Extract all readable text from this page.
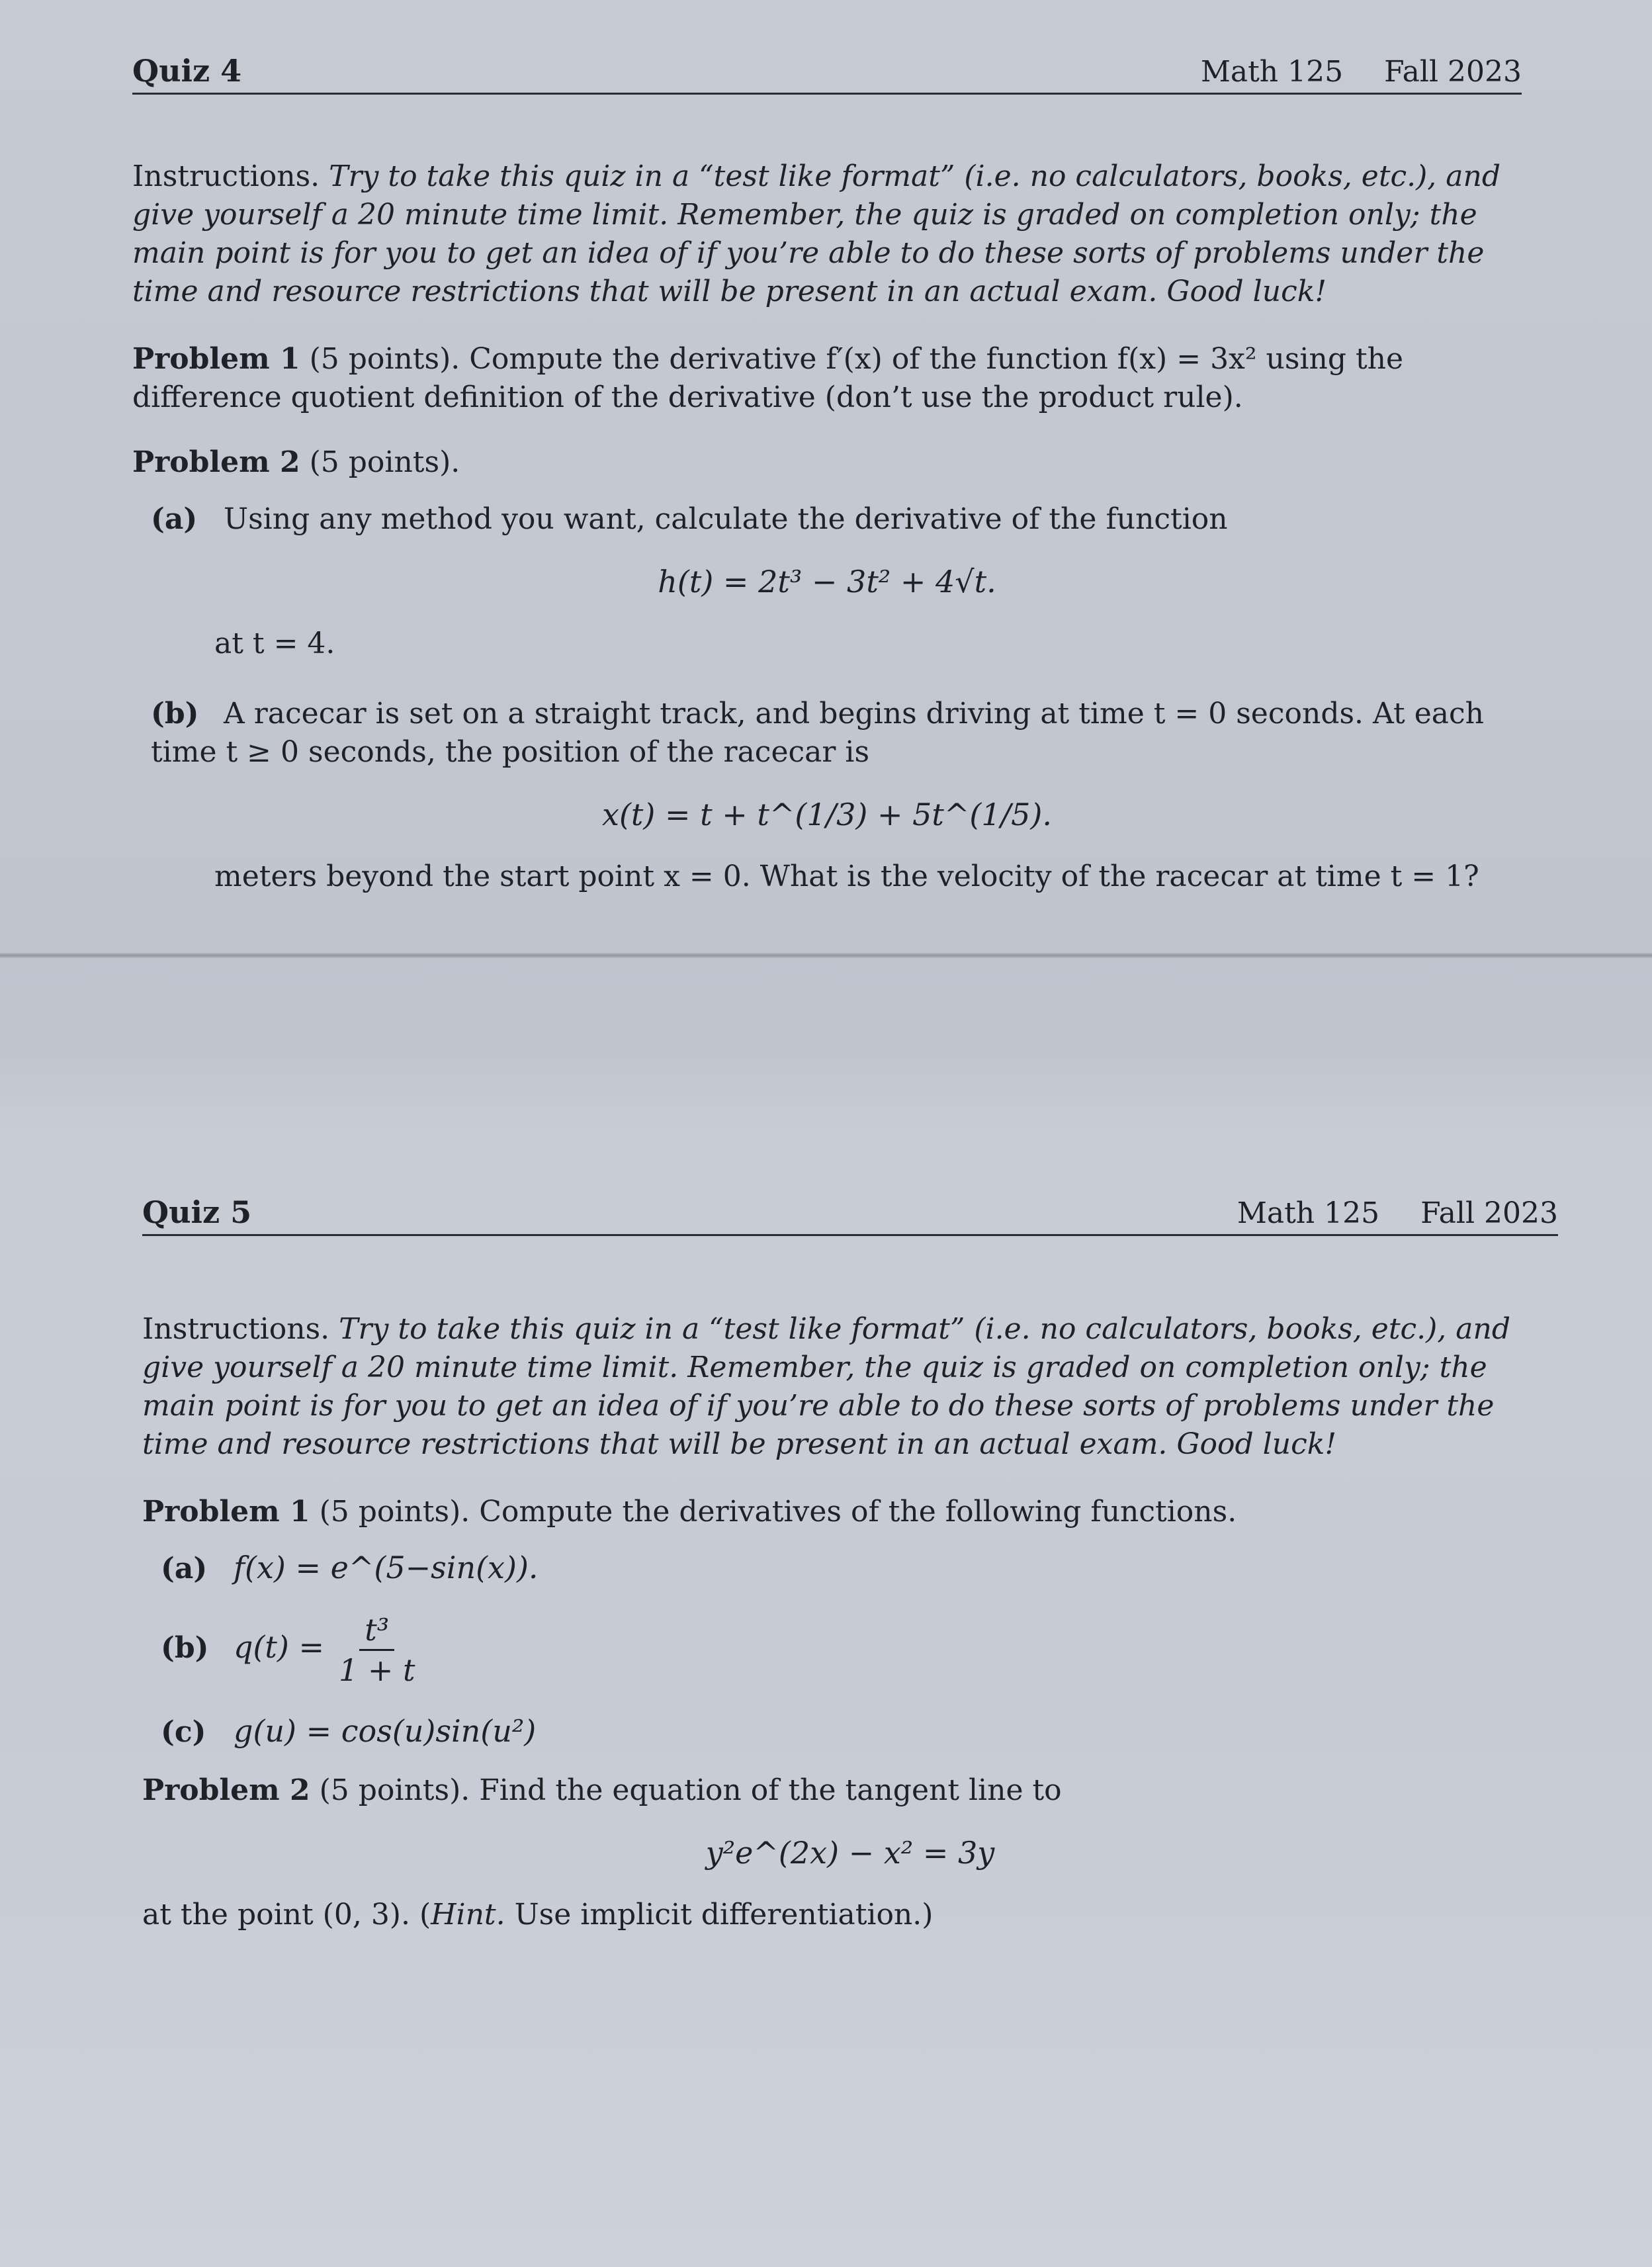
Quiz 4	Math 125 Fall 2023

Instructions. Try to take this quiz in a “test like format” (i.e. no calculators, books, etc.), and give yourself a 20 minute time limit. Remember, the quiz is graded on completion only; the main point is for you to get an idea of if you’re able to do these sorts of problems under the time and resource restrictions that will be present in an actual exam. Good luck!

Problem 1 (5 points). Compute the derivative f′(x) of the function f(x) = 3x² using the difference quotient definition of the derivative (don’t use the product rule).
Problem 2 (5 points).
(a) Using any method you want, calculate the derivative of the function
h(t) = 2t³ − 3t² + 4√t.
at t = 4.
(b) A racecar is set on a straight track, and begins driving at time t = 0 seconds. At each time t ≥ 0 seconds, the position of the racecar is
x(t) = t + t^(1/3) + 5t^(1/5).
meters beyond the start point x = 0. What is the velocity of the racecar at time t = 1?
Quiz 5	Math 125 Fall 2023

Instructions. Try to take this quiz in a “test like format” (i.e. no calculators, books, etc.), and give yourself a 20 minute time limit. Remember, the quiz is graded on completion only; the main point is for you to get an idea of if you’re able to do these sorts of problems under the time and resource restrictions that will be present in an actual exam. Good luck!

Problem 1 (5 points). Compute the derivatives of the following functions.
(a) f(x) = e^(5−sin(x)).
(b) $q(t) = \frac{\text{t³}}{1 + t}$
(c) g(u) = cos(u)sin(u²)
Problem 2 (5 points). Find the equation of the tangent line to
y²e^(2x) − x² = 3y
at the point (0, 3). (Hint. Use implicit differentiation.)
